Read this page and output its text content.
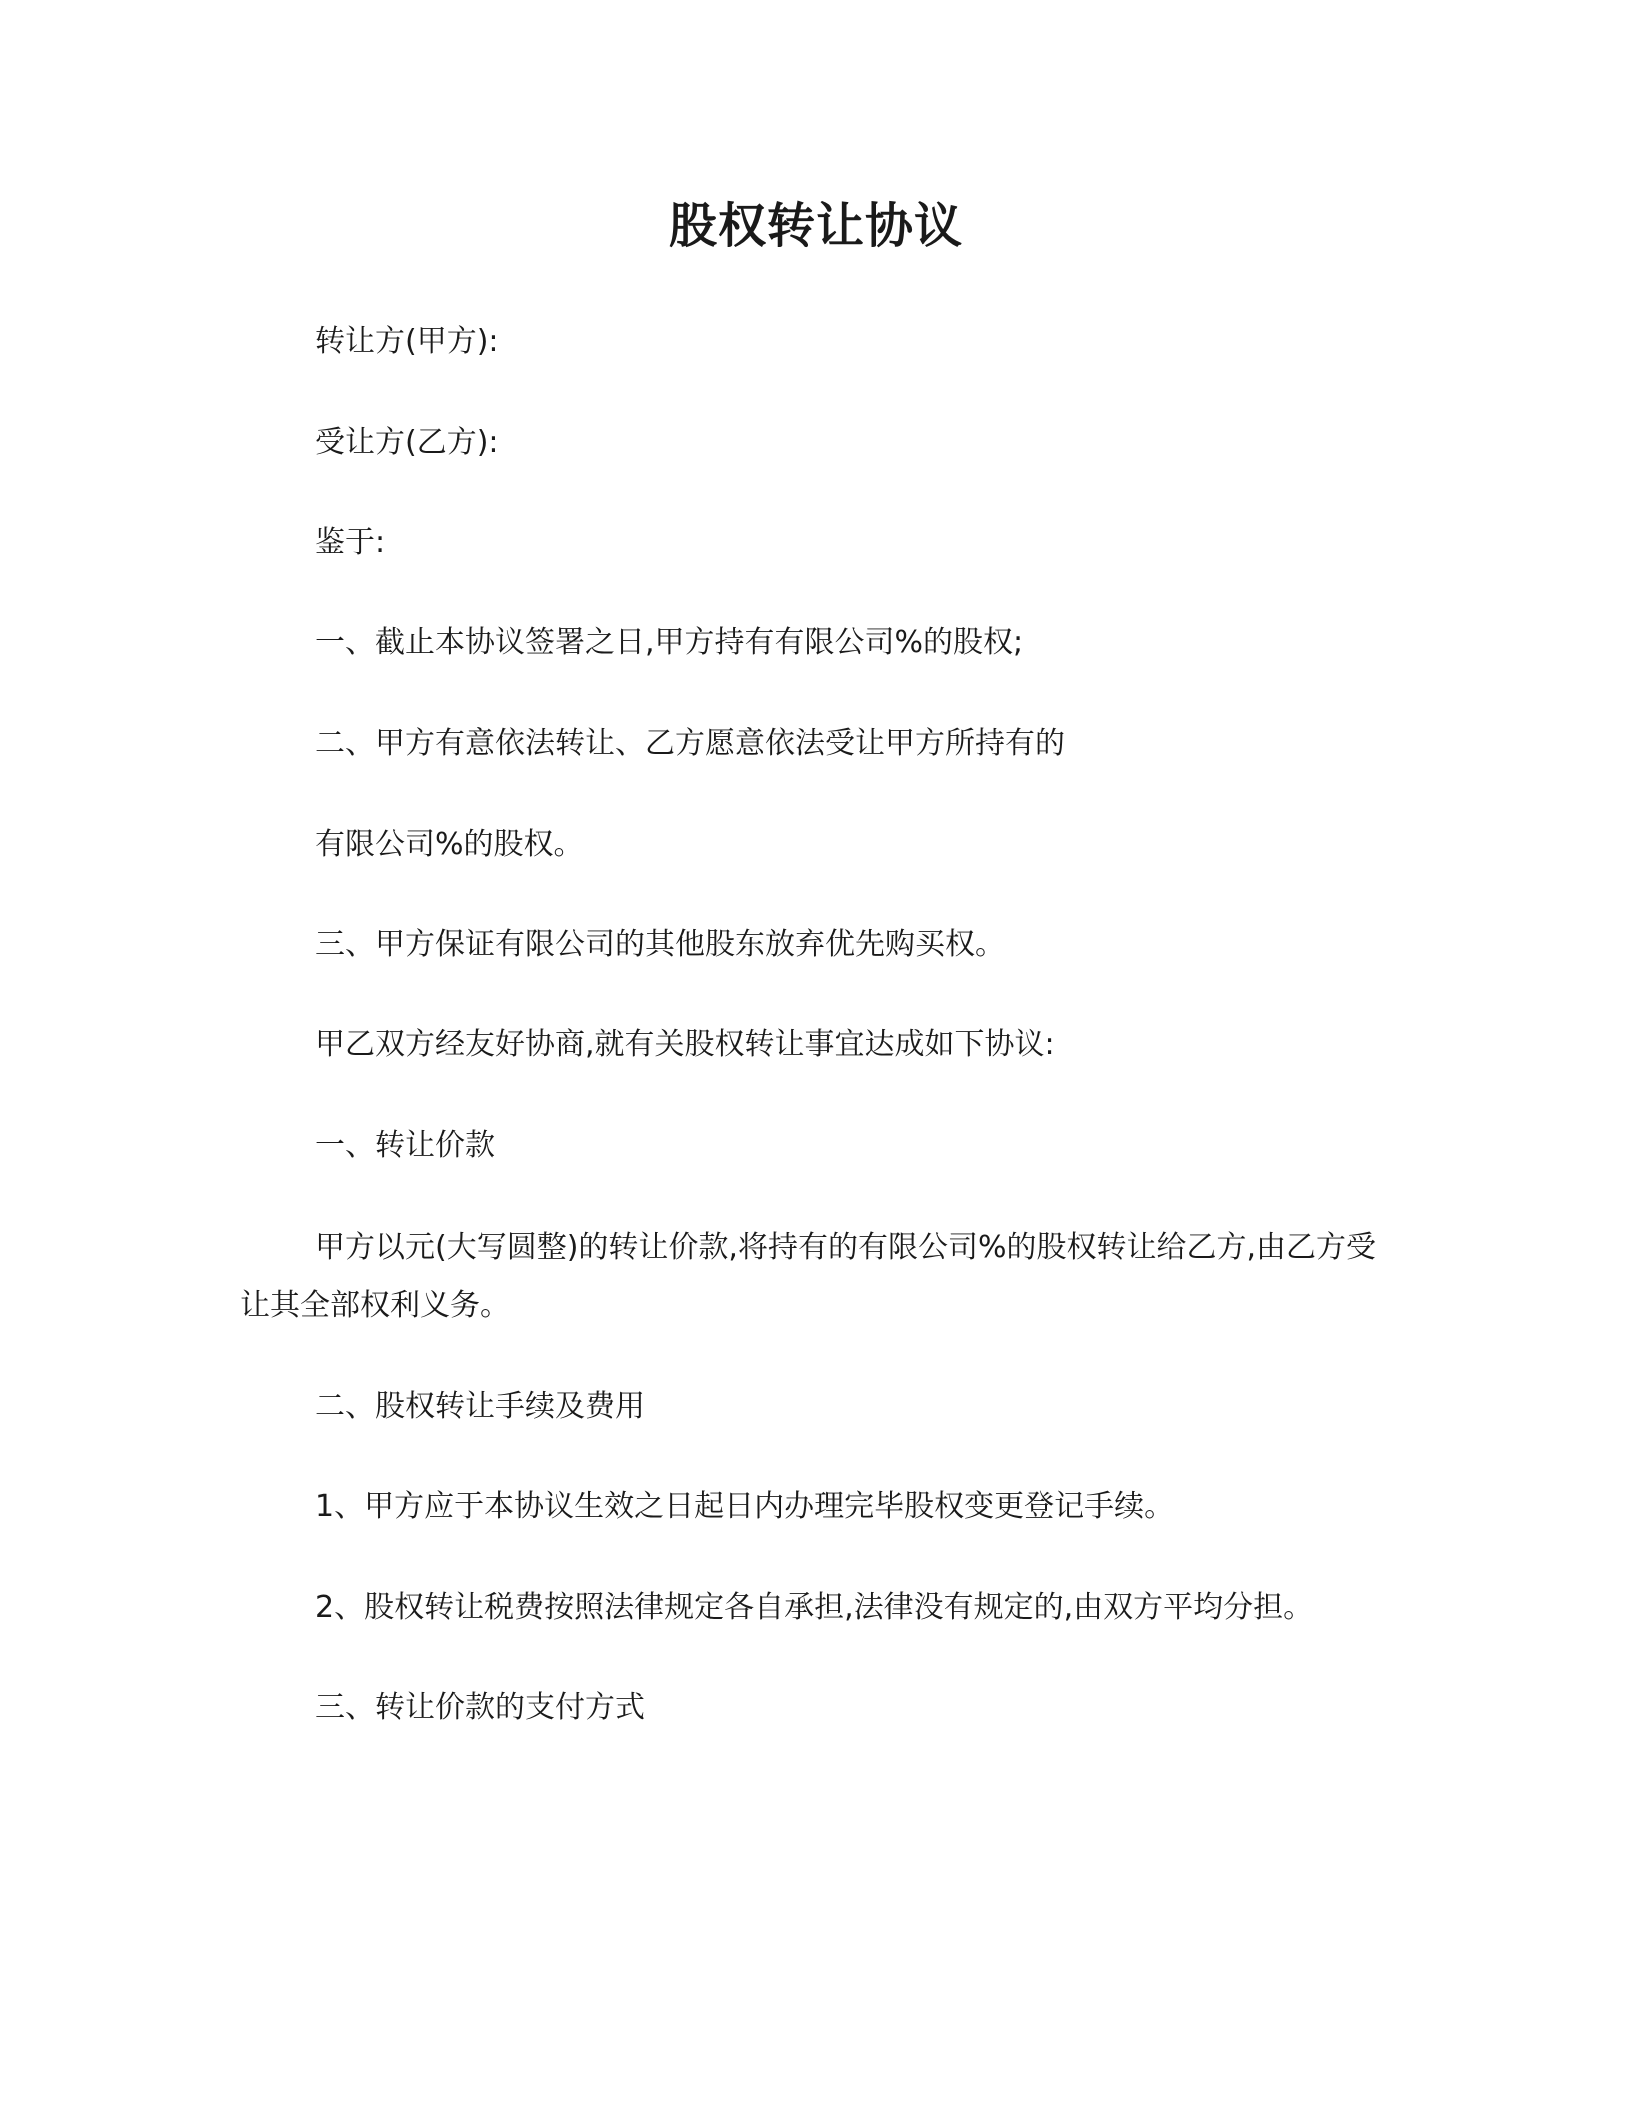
股权转让协议
转让方(甲方):
受让方(乙方):
鉴于:
一、截止本协议签署之日,甲方持有有限公司%的股权;
二、甲方有意依法转让、乙方愿意依法受让甲方所持有的
有限公司%的股权。
三、甲方保证有限公司的其他股东放弃优先购买权。
甲乙双方经友好协商,就有关股权转让事宜达成如下协议:
一、转让价款
甲方以元(大写圆整)的转让价款,将持有的有限公司%的股权转让给乙方,由乙方受让其全部权利义务。
二、股权转让手续及费用
1、甲方应于本协议生效之日起日内办理完毕股权变更登记手续。
2、股权转让税费按照法律规定各自承担,法律没有规定的,由双方平均分担。
三、转让价款的支付方式
